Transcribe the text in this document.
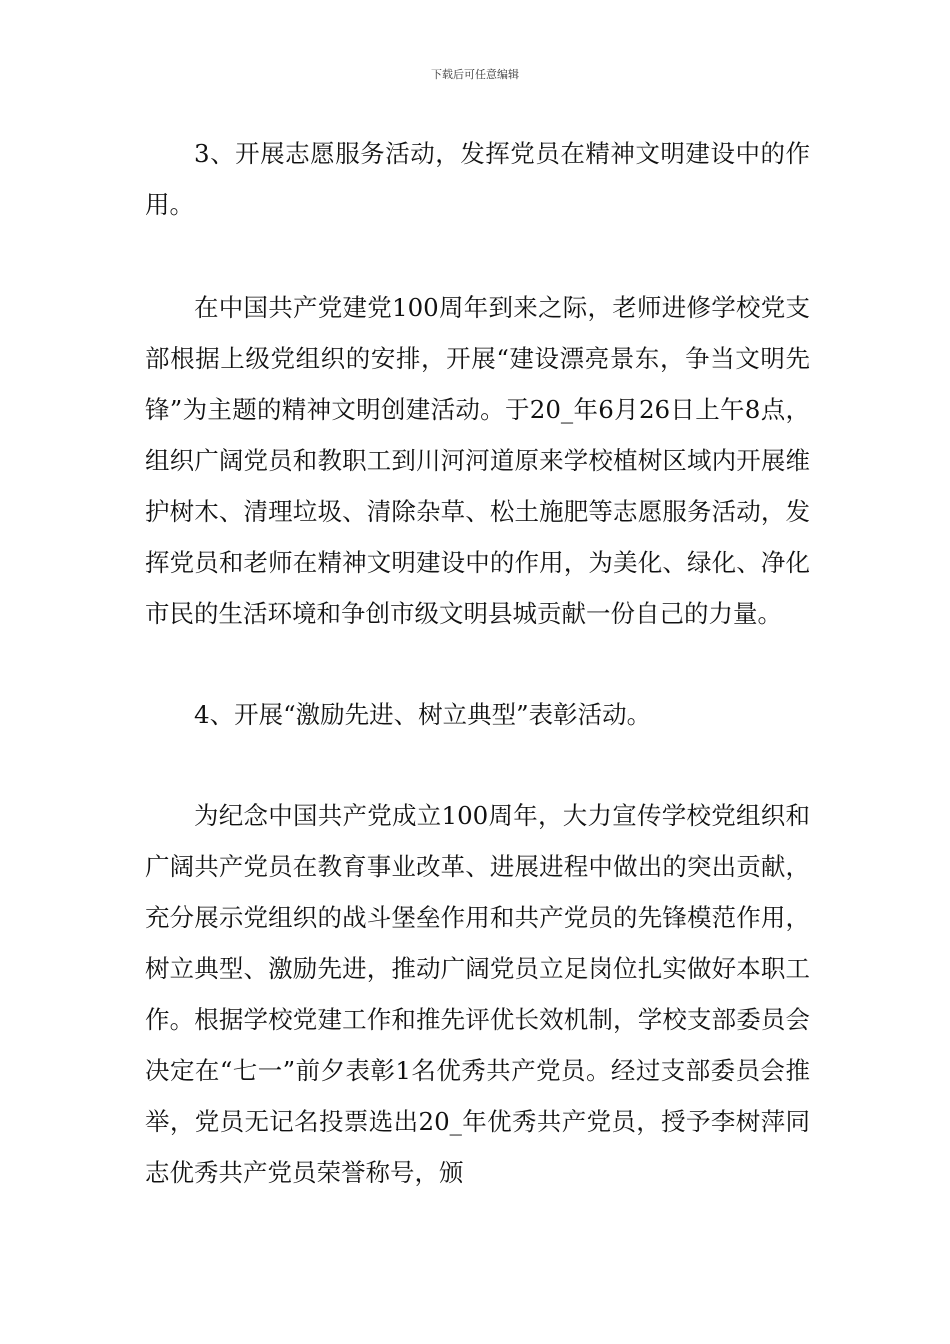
下载后可任意编辑

3、开展志愿服务活动，发挥党员在精神文明建设中的作用。

在中国共产党建党100周年到来之际，老师进修学校党支部根据上级党组织的安排，开展“建设漂亮景东，争当文明先锋”为主题的精神文明创建活动。于20_年6月26日上午8点，组织广阔党员和教职工到川河河道原来学校植树区域内开展维护树木、清理垃圾、清除杂草、松土施肥等志愿服务活动，发挥党员和老师在精神文明建设中的作用，为美化、绿化、净化市民的生活环境和争创市级文明县城贡献一份自己的力量。

4、开展“激励先进、树立典型”表彰活动。

为纪念中国共产党成立100周年，大力宣传学校党组织和广阔共产党员在教育事业改革、进展进程中做出的突出贡献，充分展示党组织的战斗堡垒作用和共产党员的先锋模范作用，树立典型、激励先进，推动广阔党员立足岗位扎实做好本职工作。根据学校党建工作和推先评优长效机制，学校支部委员会决定在“七一”前夕表彰1名优秀共产党员。经过支部委员会推举，党员无记名投票选出20_年优秀共产党员，授予李树萍同志优秀共产党员荣誉称号，颁
